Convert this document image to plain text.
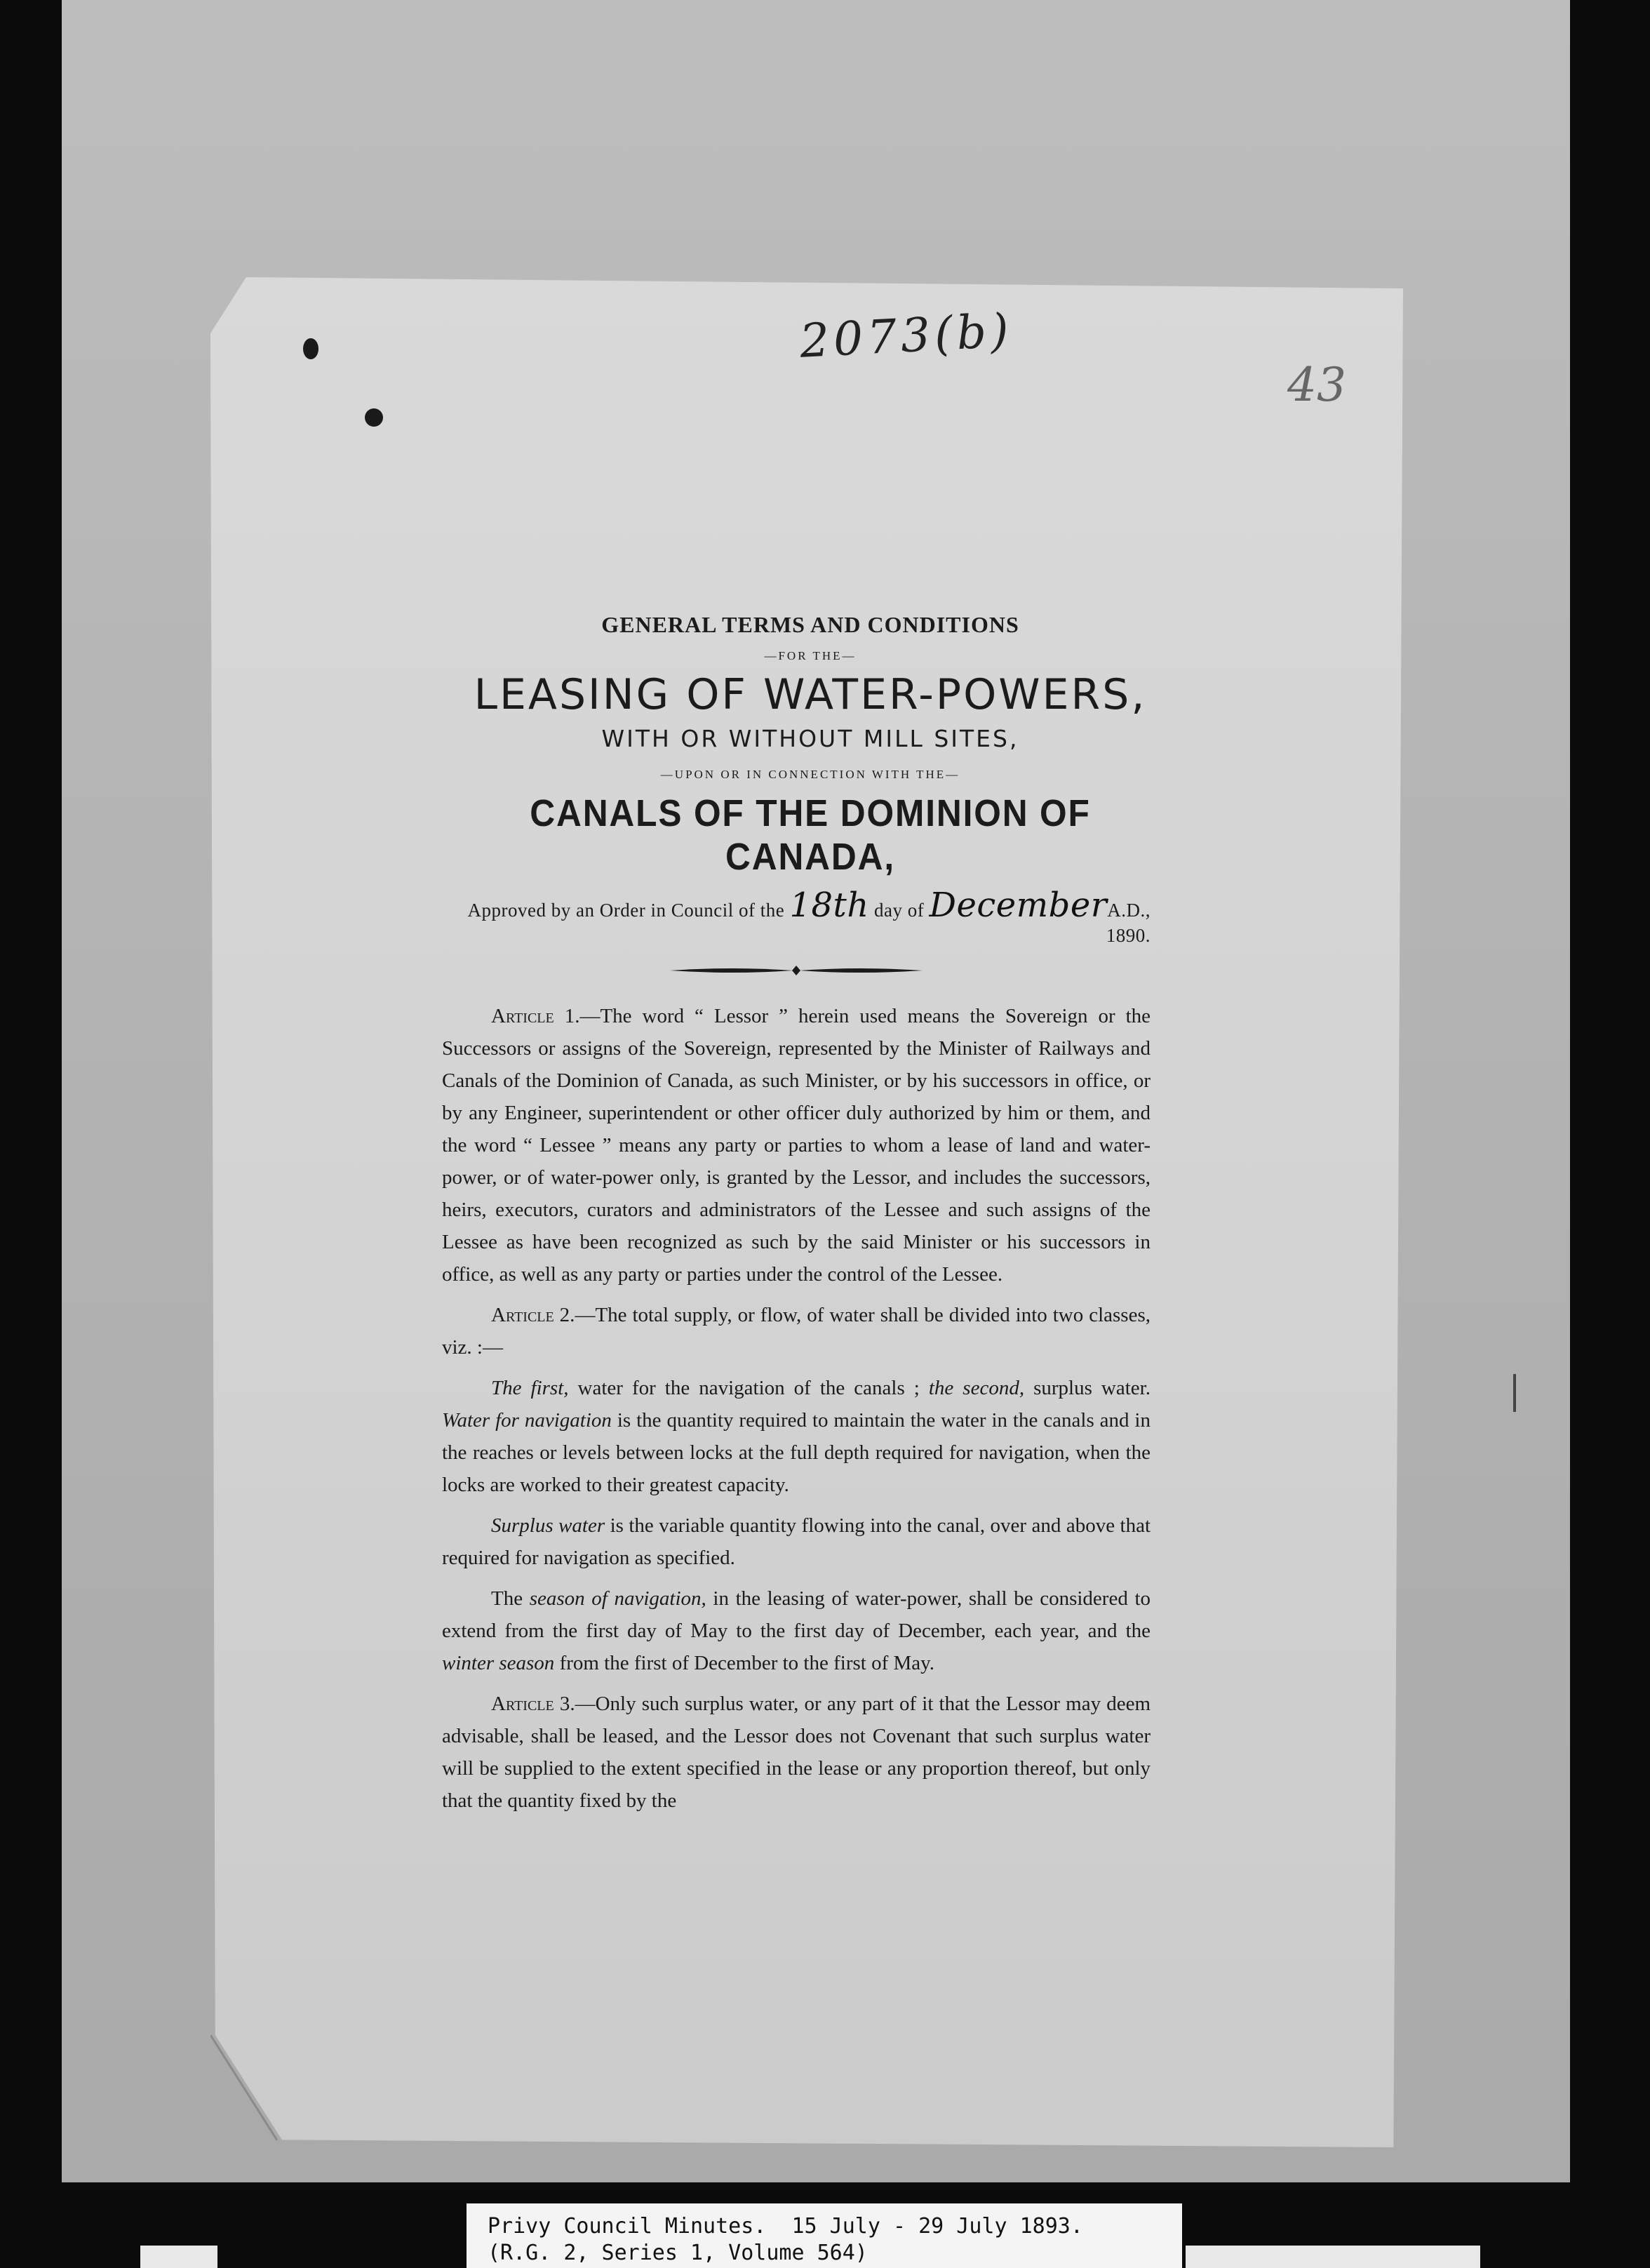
2073(b)
43
GENERAL TERMS AND CONDITIONS
—FOR THE—
LEASING OF WATER-POWERS,
WITH OR WITHOUT MILL SITES,
—UPON OR IN CONNECTION WITH THE—
CANALS OF THE DOMINION OF CANADA,
Approved by an Order in Council of the 18th day of DecemberA.D., 1890.

Article 1.—The word “ Lessor ” herein used means the Sovereign or the Successors or assigns of the Sovereign, represented by the Minister of Railways and Canals of the Dominion of Canada, as such Minister, or by his successors in office, or by any Engineer, superintendent or other officer duly authorized by him or them, and the word “ Lessee ” means any party or parties to whom a lease of land and water-power, or of water-power only, is granted by the Lessor, and includes the successors, heirs, executors, curators and administrators of the Lessee and such assigns of the Lessee as have been recognized as such by the said Minister or his successors in office, as well as any party or parties under the control of the Lessee.

Article 2.—The total supply, or flow, of water shall be divided into two classes, viz. :—

The first, water for the navigation of the canals ; the second, surplus water. Water for navigation is the quantity required to maintain the water in the canals and in the reaches or levels between locks at the full depth required for navigation, when the locks are worked to their greatest capacity.

Surplus water is the variable quantity flowing into the canal, over and above that required for navigation as specified.

The season of navigation, in the leasing of water-power, shall be considered to extend from the first day of May to the first day of December, each year, and the winter season from the first of December to the first of May.

Article 3.—Only such surplus water, or any part of it that the Lessor may deem advisable, shall be leased, and the Lessor does not Covenant that such surplus water will be supplied to the extent specified in the lease or any proportion thereof, but only that the quantity fixed by the

Privy Council Minutes.  15 July - 29 July 1893.
(R.G. 2, Series 1, Volume 564)
